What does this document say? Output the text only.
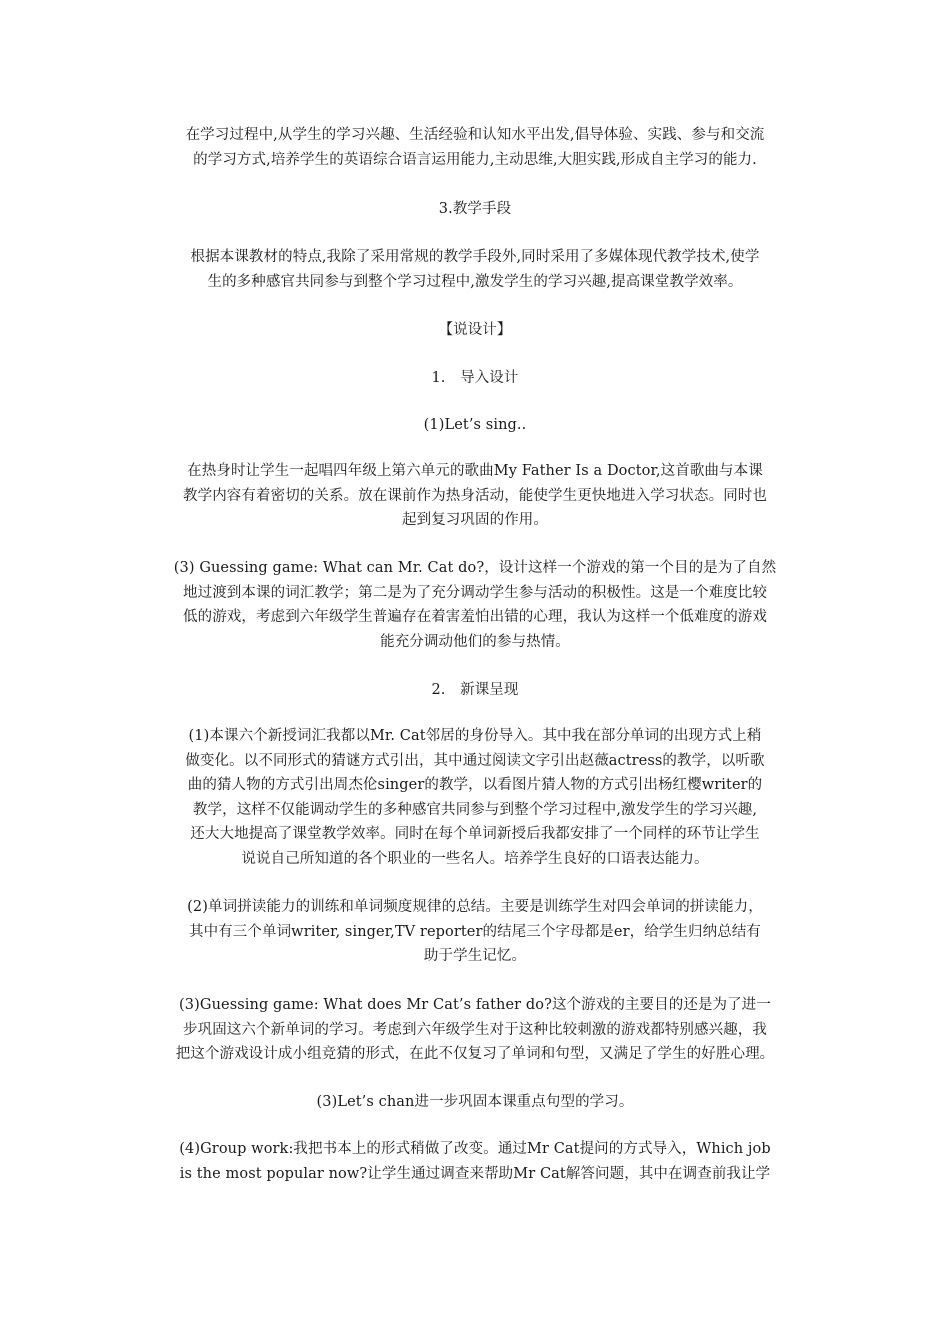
在学习过程中,从学生的学习兴趣、生活经验和认知水平出发,倡导体验、实践、参与和交流
的学习方式,培养学生的英语综合语言运用能力,主动思维,大胆实践,形成自主学习的能力.
3.教学手段
根据本课教材的特点,我除了采用常规的教学手段外,同时采用了多媒体现代教学技术,使学
生的多种感官共同参与到整个学习过程中,激发学生的学习兴趣,提高课堂教学效率。
【说设计】
1.　导入设计
(1)Let’s sing..
在热身时让学生一起唱四年级上第六单元的歌曲My Father Is a Doctor,这首歌曲与本课
教学内容有着密切的关系。放在课前作为热身活动，能使学生更快地进入学习状态。同时也
起到复习巩固的作用。
(3) Guessing game: What can Mr. Cat do?，设计这样一个游戏的第一个目的是为了自然
地过渡到本课的词汇教学；第二是为了充分调动学生参与活动的积极性。这是一个难度比较
低的游戏，考虑到六年级学生普遍存在着害羞怕出错的心理，我认为这样一个低难度的游戏
能充分调动他们的参与热情。
2.　新课呈现
(1)本课六个新授词汇我都以Mr. Cat邻居的身份导入。其中我在部分单词的出现方式上稍
做变化。以不同形式的猜谜方式引出，其中通过阅读文字引出赵薇actress的教学，以听歌
曲的猜人物的方式引出周杰伦singer的教学，以看图片猜人物的方式引出杨红樱writer的
教学，这样不仅能调动学生的多种感官共同参与到整个学习过程中,激发学生的学习兴趣,
还大大地提高了课堂教学效率。同时在每个单词新授后我都安排了一个同样的环节让学生
说说自己所知道的各个职业的一些名人。培养学生良好的口语表达能力。
(2)单词拼读能力的训练和单词频度规律的总结。主要是训练学生对四会单词的拼读能力，
其中有三个单词writer, singer,TV reporter的结尾三个字母都是er，给学生归纳总结有
助于学生记忆。
(3)Guessing game: What does Mr Cat’s father do?这个游戏的主要目的还是为了进一
步巩固这六个新单词的学习。考虑到六年级学生对于这种比较刺激的游戏都特别感兴趣，我
把这个游戏设计成小组竞猜的形式，在此不仅复习了单词和句型，又满足了学生的好胜心理。
(3)Let’s chan进一步巩固本课重点句型的学习。
(4)Group work:我把书本上的形式稍做了改变。通过Mr Cat提问的方式导入，Which job
is the most popular now?让学生通过调查来帮助Mr Cat解答问题，其中在调查前我让学
